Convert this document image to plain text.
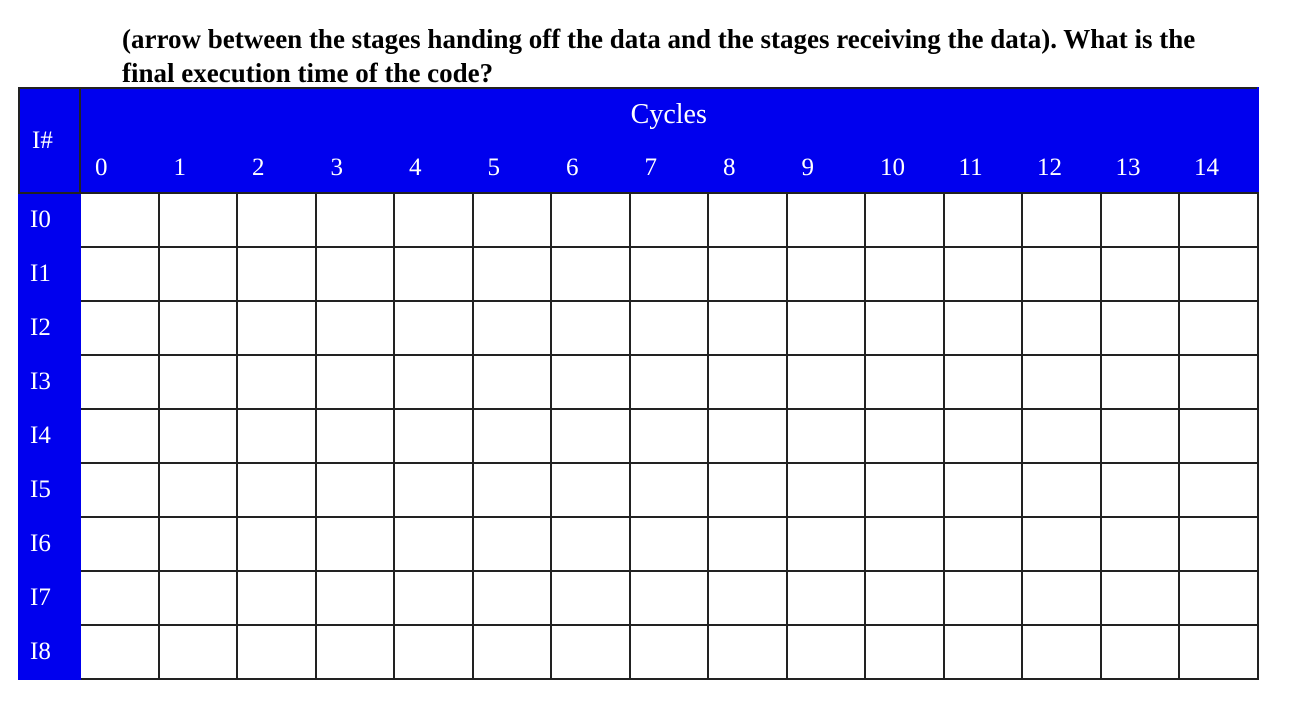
(arrow between the stages handing off the data and the stages receiving the data). What is the
final execution time of the code?
I#	Cycles														
	0	1	2	3	4	5	6	7	8	9	10	11	12	13	14
I0															
I1															
I2															
I3															
I4															
I5															
I6															
I7															
I8															
